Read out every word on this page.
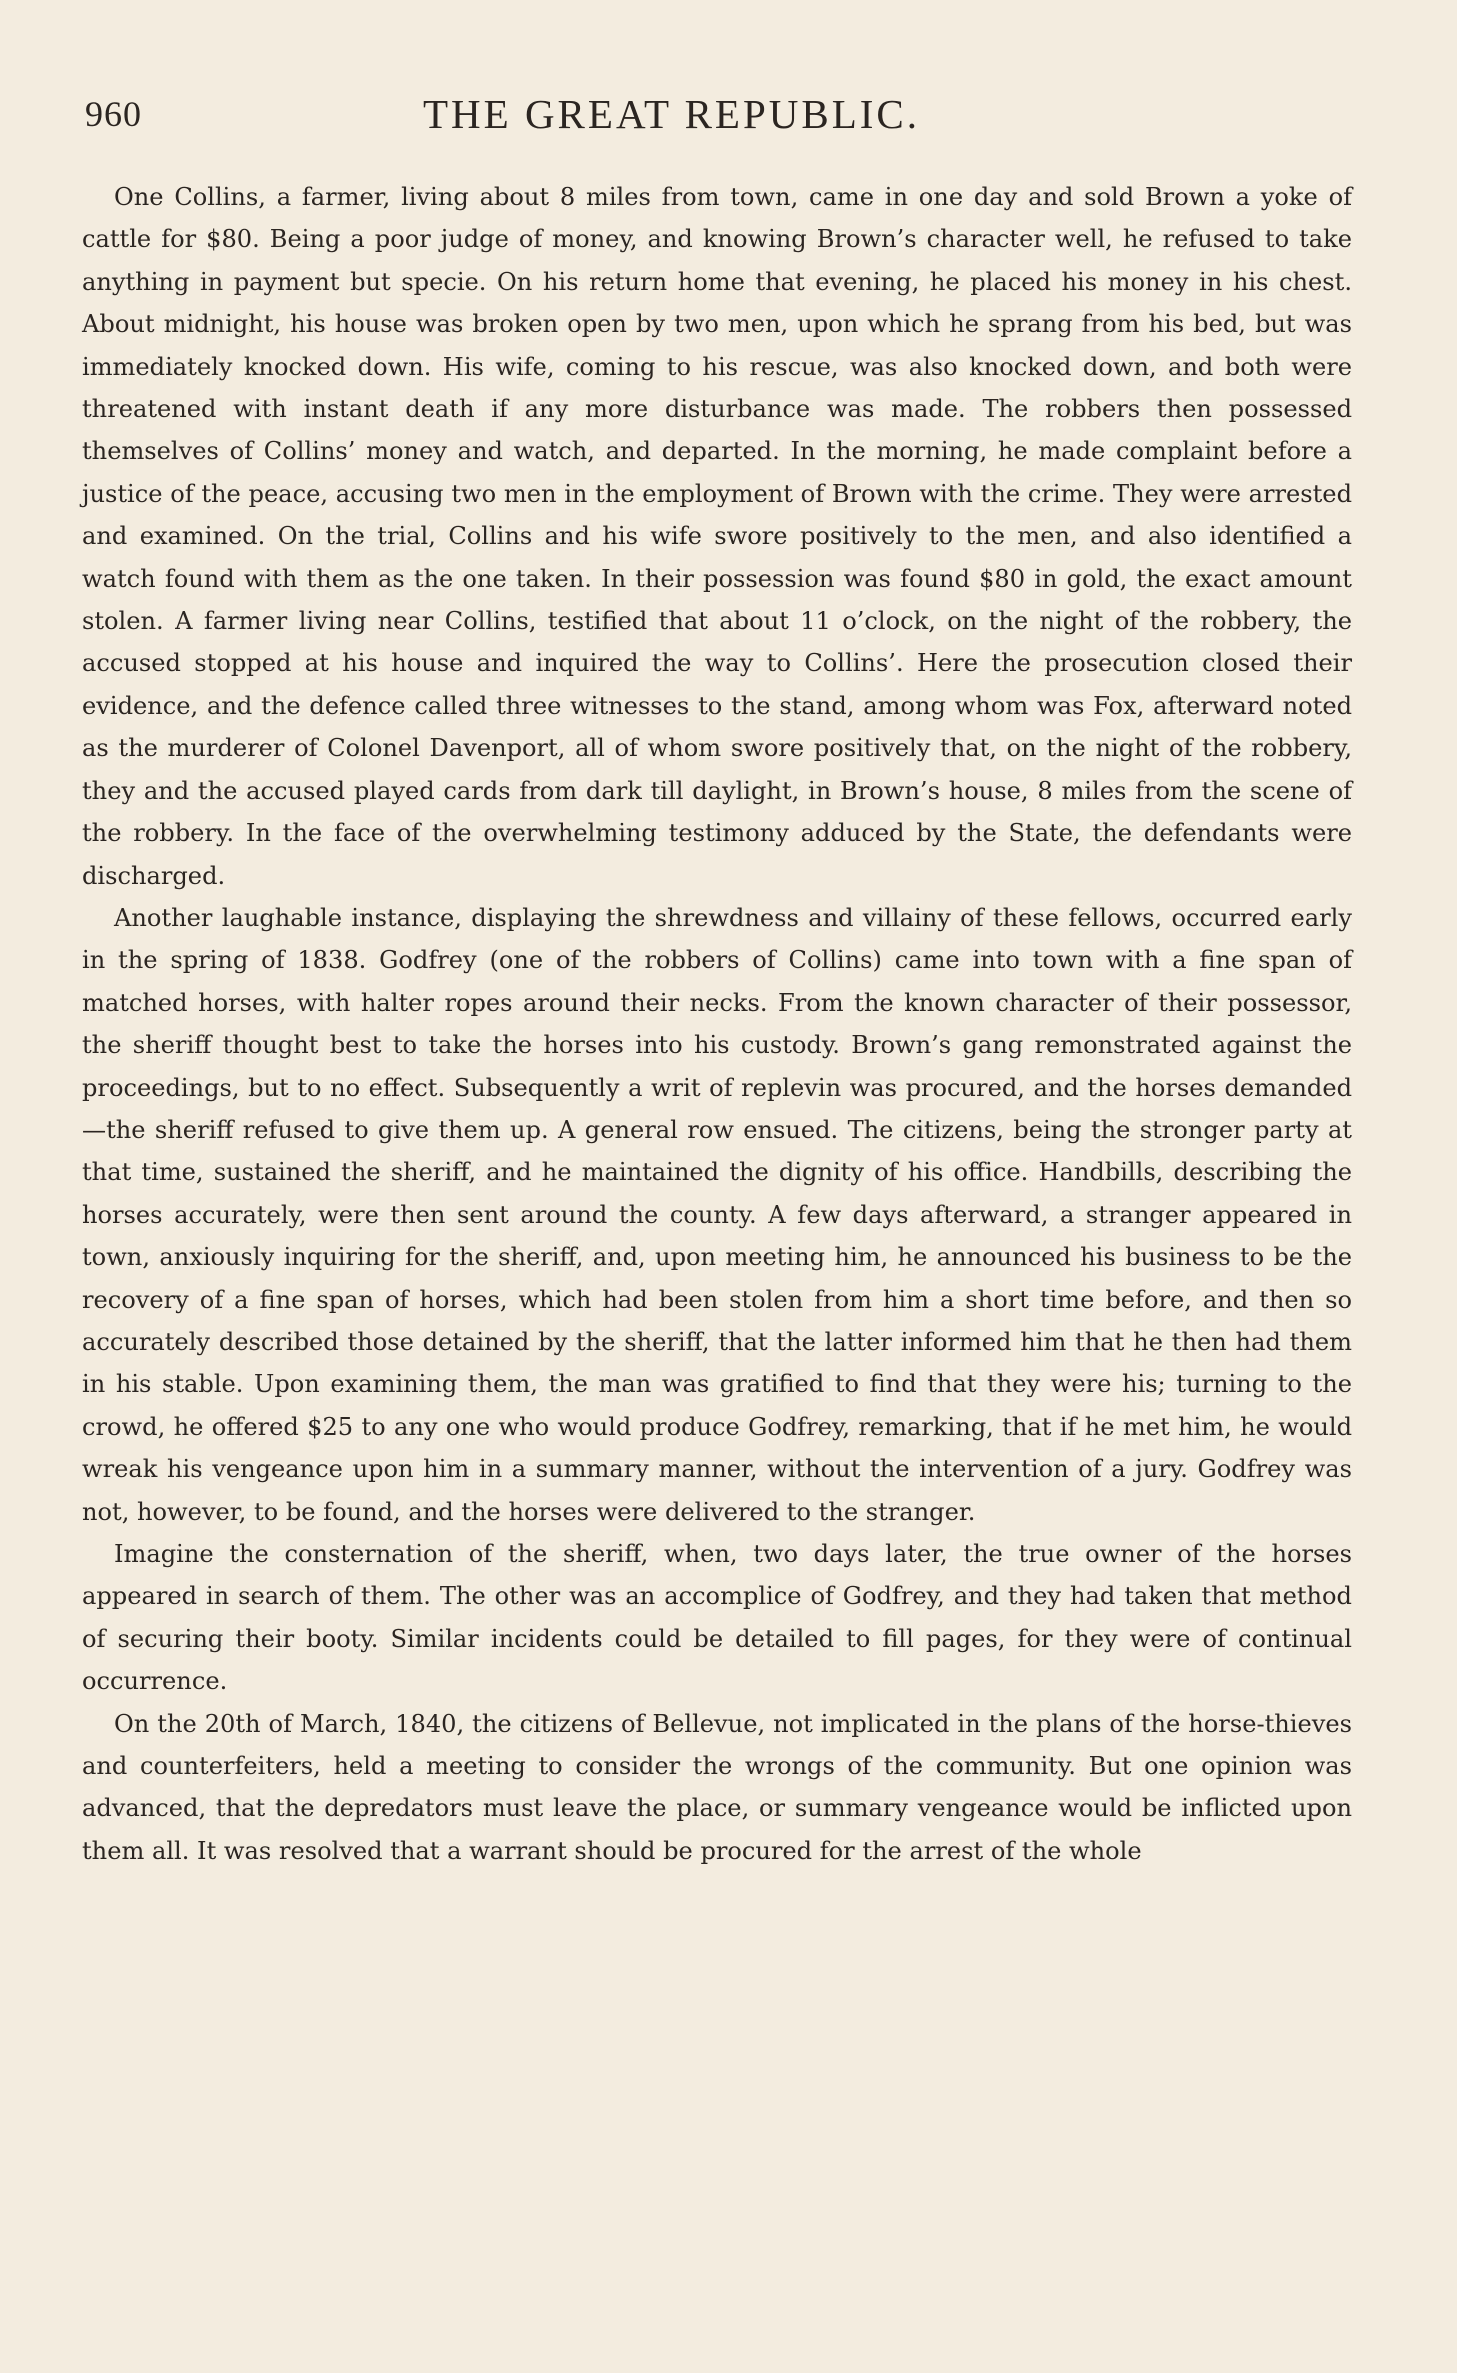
960	THE GREAT REPUBLIC.

One Collins, a farmer, living about 8 miles from town, came in one day and sold Brown a yoke of cattle for $80. Being a poor judge of money, and knowing Brown’s character well, he refused to take anything in payment but specie. On his return home that evening, he placed his money in his chest. About midnight, his house was broken open by two men, upon which he sprang from his bed, but was immediately knocked down. His wife, coming to his rescue, was also knocked down, and both were threatened with instant death if any more disturbance was made. The robbers then possessed themselves of Collins’ money and watch, and departed. In the morning, he made complaint before a justice of the peace, accusing two men in the employment of Brown with the crime. They were arrested and examined. On the trial, Collins and his wife swore positively to the men, and also identified a watch found with them as the one taken. In their possession was found $80 in gold, the exact amount stolen. A farmer living near Collins, testified that about 11 o’clock, on the night of the robbery, the accused stopped at his house and inquired the way to Collins’. Here the prosecution closed their evidence, and the defence called three witnesses to the stand, among whom was Fox, afterward noted as the murderer of Colonel Davenport, all of whom swore positively that, on the night of the robbery, they and the accused played cards from dark till daylight, in Brown’s house, 8 miles from the scene of the robbery. In the face of the overwhelming testimony adduced by the State, the defendants were discharged.

Another laughable instance, displaying the shrewdness and villainy of these fellows, occurred early in the spring of 1838. Godfrey (one of the robbers of Collins) came into town with a fine span of matched horses, with halter ropes around their necks. From the known character of their possessor, the sheriff thought best to take the horses into his custody. Brown’s gang remonstrated against the proceedings, but to no effect. Subsequently a writ of replevin was procured, and the horses demanded—the sheriff refused to give them up. A general row ensued. The citizens, being the stronger party at that time, sustained the sheriff, and he maintained the dignity of his office. Handbills, describing the horses accurately, were then sent around the county. A few days afterward, a stranger appeared in town, anxiously inquiring for the sheriff, and, upon meeting him, he announced his business to be the recovery of a fine span of horses, which had been stolen from him a short time before, and then so accurately described those detained by the sheriff, that the latter informed him that he then had them in his stable. Upon examining them, the man was gratified to find that they were his; turning to the crowd, he offered $25 to any one who would produce Godfrey, remarking, that if he met him, he would wreak his vengeance upon him in a summary manner, without the intervention of a jury. Godfrey was not, however, to be found, and the horses were delivered to the stranger.

Imagine the consternation of the sheriff, when, two days later, the true owner of the horses appeared in search of them. The other was an accomplice of Godfrey, and they had taken that method of securing their booty. Similar incidents could be detailed to fill pages, for they were of continual occurrence.

On the 20th of March, 1840, the citizens of Bellevue, not implicated in the plans of the horse-thieves and counterfeiters, held a meeting to consider the wrongs of the community. But one opinion was advanced, that the depredators must leave the place, or summary vengeance would be inflicted upon them all. It was resolved that a warrant should be procured for the arrest of the whole
